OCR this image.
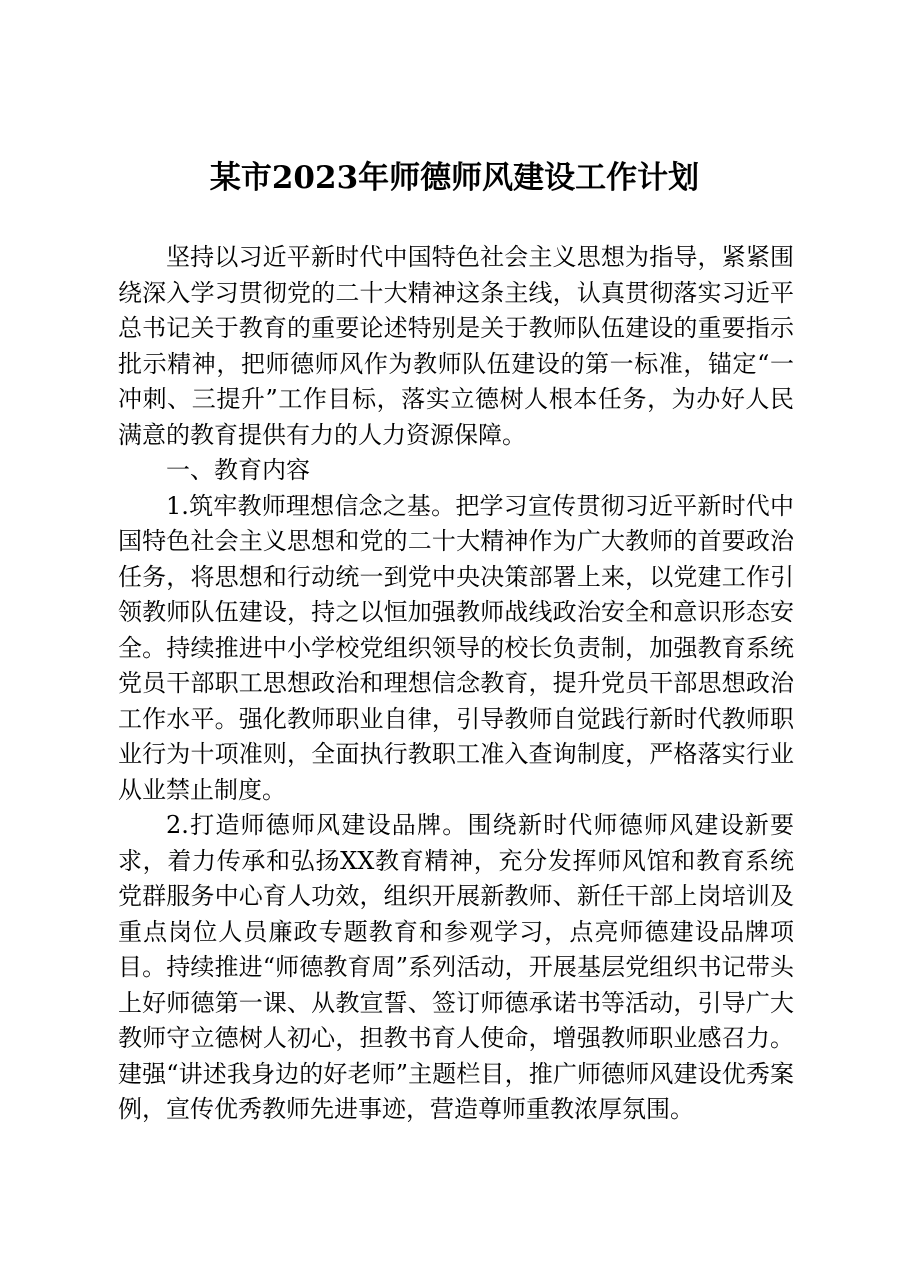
某市2023年师德师风建设工作计划

坚持以习近平新时代中国特色社会主义思想为指导，紧紧围绕深入学习贯彻党的二十大精神这条主线，认真贯彻落实习近平总书记关于教育的重要论述特别是关于教师队伍建设的重要指示批示精神，把师德师风作为教师队伍建设的第一标准，锚定“一冲刺、三提升”工作目标，落实立德树人根本任务，为办好人民满意的教育提供有力的人力资源保障。

一、教育内容

1.筑牢教师理想信念之基。把学习宣传贯彻习近平新时代中国特色社会主义思想和党的二十大精神作为广大教师的首要政治任务，将思想和行动统一到党中央决策部署上来，以党建工作引领教师队伍建设，持之以恒加强教师战线政治安全和意识形态安全。持续推进中小学校党组织领导的校长负责制，加强教育系统党员干部职工思想政治和理想信念教育，提升党员干部思想政治工作水平。强化教师职业自律，引导教师自觉践行新时代教师职业行为十项准则，全面执行教职工准入查询制度，严格落实行业从业禁止制度。

2.打造师德师风建设品牌。围绕新时代师德师风建设新要求，着力传承和弘扬XX教育精神，充分发挥师风馆和教育系统党群服务中心育人功效，组织开展新教师、新任干部上岗培训及重点岗位人员廉政专题教育和参观学习，点亮师德建设品牌项目。持续推进“师德教育周”系列活动，开展基层党组织书记带头上好师德第一课、从教宣誓、签订师德承诺书等活动，引导广大教师守立德树人初心，担教书育人使命，增强教师职业感召力。建强“讲述我身边的好老师”主题栏目，推广师德师风建设优秀案例，宣传优秀教师先进事迹，营造尊师重教浓厚氛围。
